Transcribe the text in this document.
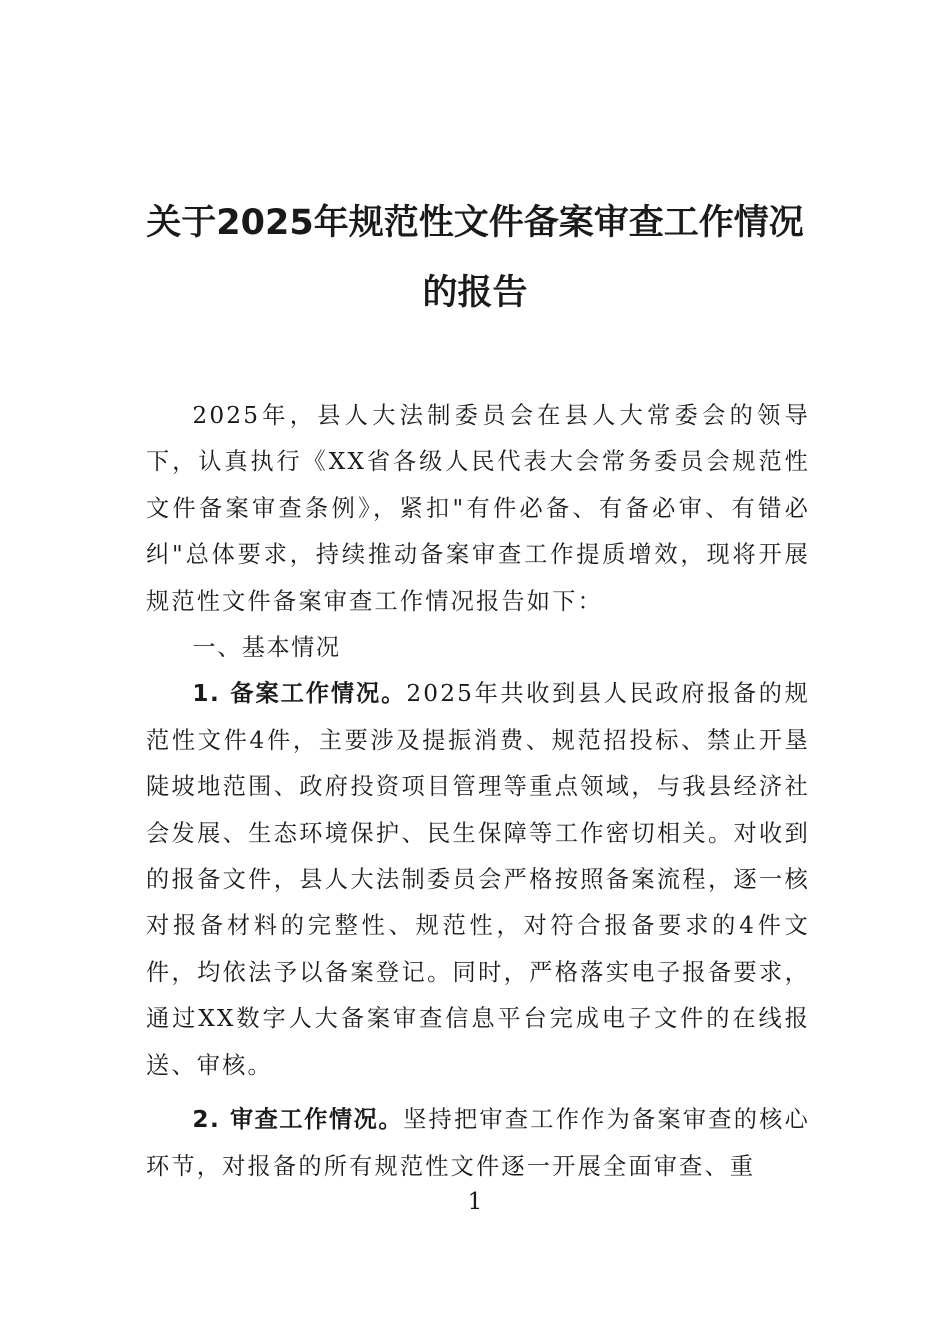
关于2025年规范性文件备案审查工作情况
的报告

2025年，县人大法制委员会在县人大常委会的领导下，认真执行《XX省各级人民代表大会常务委员会规范性文件备案审查条例》，紧扣"有件必备、有备必审、有错必纠"总体要求，持续推动备案审查工作提质增效，现将开展规范性文件备案审查工作情况报告如下：

一、基本情况

1. 备案工作情况。2025年共收到县人民政府报备的规范性文件4件，主要涉及提振消费、规范招投标、禁止开垦陡坡地范围、政府投资项目管理等重点领域，与我县经济社会发展、生态环境保护、民生保障等工作密切相关。对收到的报备文件，县人大法制委员会严格按照备案流程，逐一核对报备材料的完整性、规范性，对符合报备要求的4件文件，均依法予以备案登记。同时，严格落实电子报备要求，通过XX数字人大备案审查信息平台完成电子文件的在线报送、审核。

2. 审查工作情况。坚持把审查工作作为备案审查的核心环节，对报备的所有规范性文件逐一开展全面审查、重

1
